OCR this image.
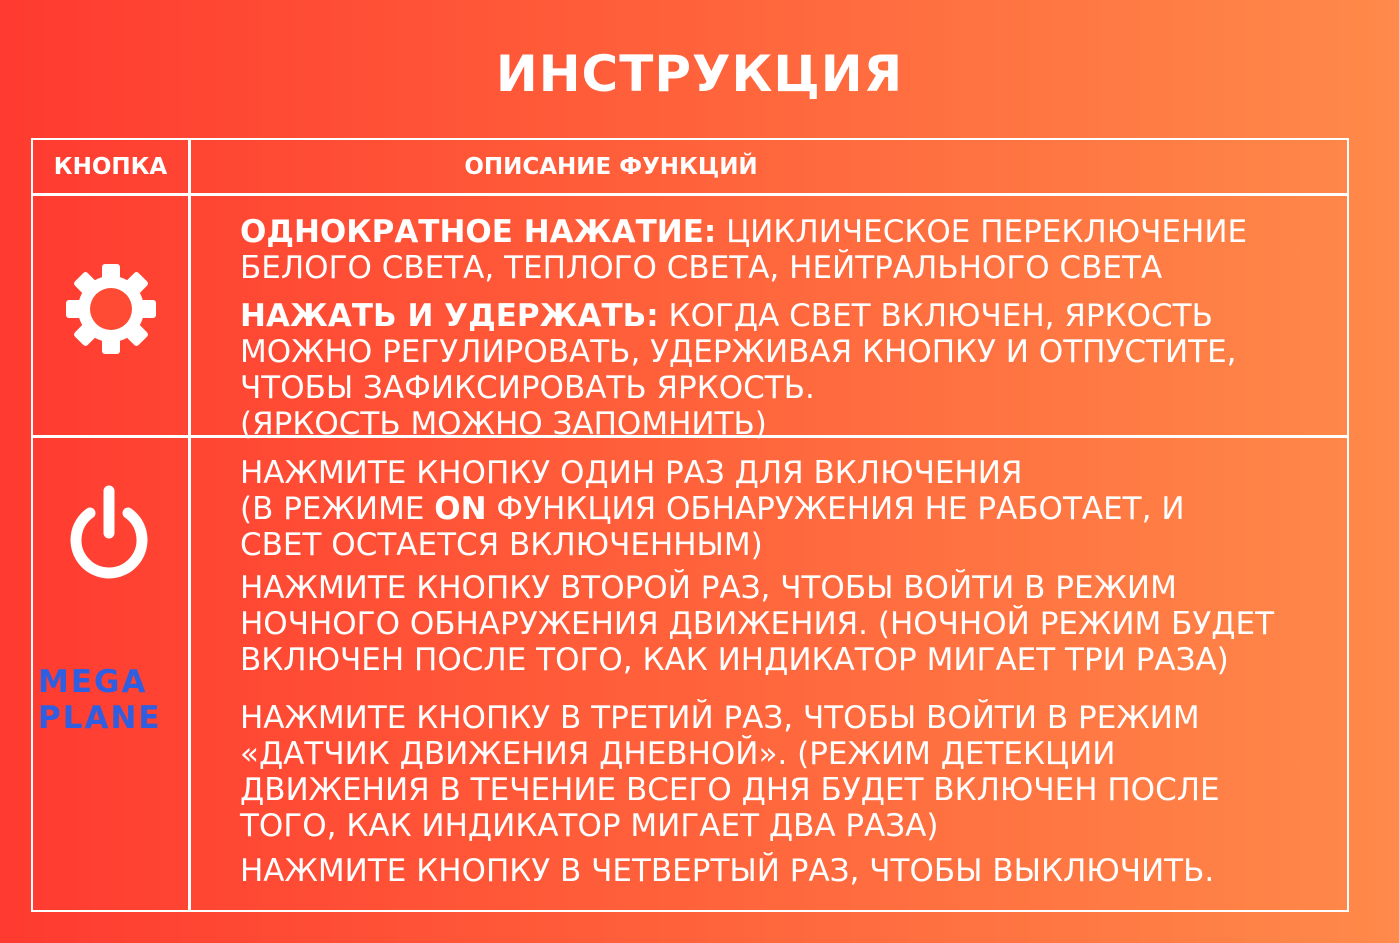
ИНСТРУКЦИЯ
КНОПКА	ОПИСАНИЕ ФУНКЦИЙ
ОДНОКРАТНОЕ НАЖАТИЕ: ЦИКЛИЧЕСКОЕ ПЕРЕКЛЮЧЕНИЕ
БЕЛОГО СВЕТА, ТЕПЛОГО СВЕТА, НЕЙТРАЛЬНОГО СВЕТА
НАЖАТЬ И УДЕРЖАТЬ: КОГДА СВЕТ ВКЛЮЧЕН, ЯРКОСТЬ
МОЖНО РЕГУЛИРОВАТЬ, УДЕРЖИВАЯ КНОПКУ И ОТПУСТИТЕ,
ЧТОБЫ ЗАФИКСИРОВАТЬ ЯРКОСТЬ.
(ЯРКОСТЬ МОЖНО ЗАПОМНИТЬ)
MEGA
PLANE
НАЖМИТЕ КНОПКУ ОДИН РАЗ ДЛЯ ВКЛЮЧЕНИЯ
(В РЕЖИМЕ ON ФУНКЦИЯ ОБНАРУЖЕНИЯ НЕ РАБОТАЕТ, И
СВЕТ ОСТАЕТСЯ ВКЛЮЧЕННЫМ)
НАЖМИТЕ КНОПКУ ВТОРОЙ РАЗ, ЧТОБЫ ВОЙТИ В РЕЖИМ
НОЧНОГО ОБНАРУЖЕНИЯ ДВИЖЕНИЯ. (НОЧНОЙ РЕЖИМ БУДЕТ
ВКЛЮЧЕН ПОСЛЕ ТОГО, КАК ИНДИКАТОР МИГАЕТ ТРИ РАЗА)
НАЖМИТЕ КНОПКУ В ТРЕТИЙ РАЗ, ЧТОБЫ ВОЙТИ В РЕЖИМ
«ДАТЧИК ДВИЖЕНИЯ ДНЕВНОЙ». (РЕЖИМ ДЕТЕКЦИИ
ДВИЖЕНИЯ В ТЕЧЕНИЕ ВСЕГО ДНЯ БУДЕТ ВКЛЮЧЕН ПОСЛЕ
ТОГО, КАК ИНДИКАТОР МИГАЕТ ДВА РАЗА)
НАЖМИТЕ КНОПКУ В ЧЕТВЕРТЫЙ РАЗ, ЧТОБЫ ВЫКЛЮЧИТЬ.
